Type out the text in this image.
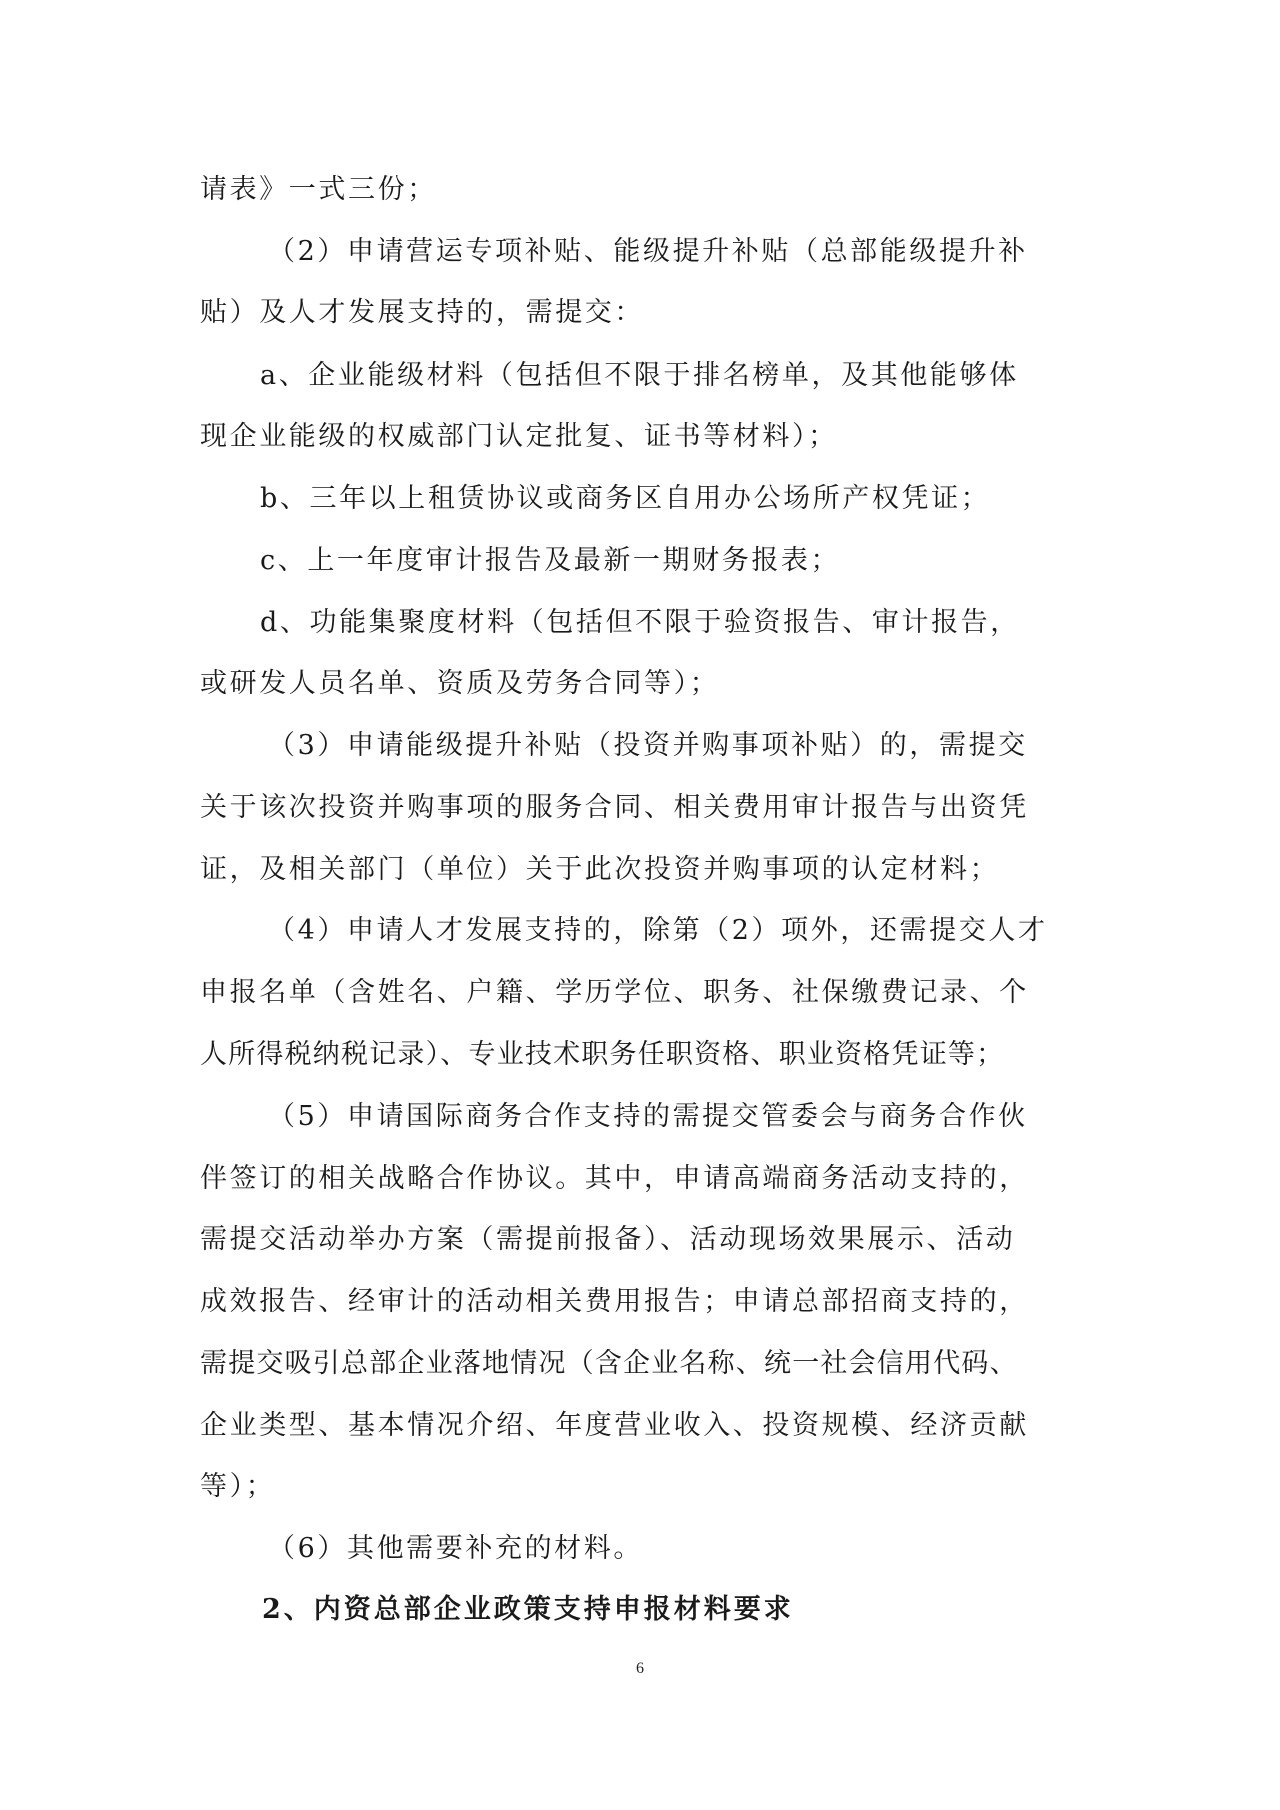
请表》一式三份；
（2）申请营运专项补贴、能级提升补贴（总部能级提升补
贴）及人才发展支持的，需提交：
a、企业能级材料（包括但不限于排名榜单，及其他能够体
现企业能级的权威部门认定批复、证书等材料）；
b、三年以上租赁协议或商务区自用办公场所产权凭证；
c、上一年度审计报告及最新一期财务报表；
d、功能集聚度材料（包括但不限于验资报告、审计报告，
或研发人员名单、资质及劳务合同等）；
（3）申请能级提升补贴（投资并购事项补贴）的，需提交
关于该次投资并购事项的服务合同、相关费用审计报告与出资凭
证，及相关部门（单位）关于此次投资并购事项的认定材料；
（4）申请人才发展支持的，除第（2）项外，还需提交人才
申报名单（含姓名、户籍、学历学位、职务、社保缴费记录、个
人所得税纳税记录）、专业技术职务任职资格、职业资格凭证等；
（5）申请国际商务合作支持的需提交管委会与商务合作伙
伴签订的相关战略合作协议。其中，申请高端商务活动支持的，
需提交活动举办方案（需提前报备）、活动现场效果展示、活动
成效报告、经审计的活动相关费用报告；申请总部招商支持的，
需提交吸引总部企业落地情况（含企业名称、统一社会信用代码、
企业类型、基本情况介绍、年度营业收入、投资规模、经济贡献
等）；
（6）其他需要补充的材料。
2、内资总部企业政策支持申报材料要求
6
